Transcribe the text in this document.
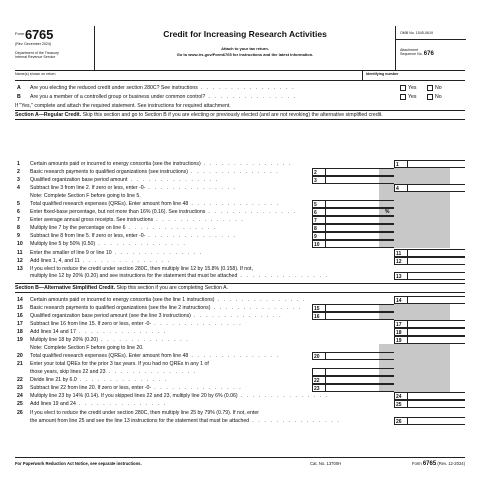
Form 6765
(Rev. December 2024)
Department of the Treasury
Internal Revenue Service
Credit for Increasing Research Activities
Attach to your tax return.
Go to www.irs.gov/Form6765 for instructions and the latest information.
OMB No. 1545-0619
Attachment
Sequence No. 676
Name(s) shown on return	Identifying number
A Are you electing the reduced credit under section 280C? See instructions . . . . . . . . . . . . . . . .	Yes	No
B Are you a member of a controlled group or business under common control? . . . . . . . . . . . . . . .	Yes	No
If "Yes," complete and attach the required statement. See instructions for required attachment.
Section A—Regular Credit. Skip this section and go to Section B if you are electing or previously elected (and are not revoking) the alternative simplified credit.
1 Certain amounts paid or incurred to energy consortia (see the instructions) . . . . . . . . . . . . . . .	1
2 Basic research payments to qualified organizations (see instructions) . . . . . . . . . . . . . . .	2
3 Qualified organization base period amount . . . . . . . . . . . . . . .	3
4 Subtract line 3 from line 2. If zero or less, enter -0- . . . . . . . . . . . . . . .	4
Note: Complete Section F before going to line 5.
5 Total qualified research expenses (QREs). Enter amount from line 48 . . . . . . . . . . . . . . .	5
6 Enter fixed-base percentage, but not more than 16% (0.16). See instructions . . . . . . . . . . . . . . .	6	%
7 Enter average annual gross receipts. See instructions . . . . . . . . . . . . . . .	7
8 Multiply line 7 by the percentage on line 6 . . . . . . . . . . . . . . .	8
9 Subtract line 8 from line 5. If zero or less, enter -0- . . . . . . . . . . . . . . .	9
10 Multiply line 5 by 50% (0.50) . . . . . . . . . . . . . . .	10
11 Enter the smaller of line 9 or line 10 . . . . . . . . . . . . . . .	11
12 Add lines 1, 4, and 11 . . . . . . . . . . . . . . .	12
13 If you elect to reduce the credit under section 280C, then multiply line 12 by 15.8% (0.158). If not,
multiply line 12 by 20% (0.20) and see instructions for the statement that must be attached . . . . . . . . . . . . . . .	13
Section B—Alternative Simplified Credit. Skip this section if you are completing Section A.
14 Certain amounts paid or incurred to energy consortia (see the line 1 instructions) . . . . . . . . . . . . . . .	14
15 Basic research payments to qualified organizations (see the line 2 instructions) . . . . . . . . . . . . . . .	15
16 Qualified organization base period amount (see the line 3 instructions) . . . . . . . . . . . . . . .	16
17 Subtract line 16 from line 15. If zero or less, enter -0- . . . . . . . . . . . . . . .	17
18 Add lines 14 and 17 . . . . . . . . . . . . . . .	18
19 Multiply line 18 by 20% (0.20) . . . . . . . . . . . . . . .	19
Note: Complete Section F before going to line 20.
20 Total qualified research expenses (QREs). Enter amount from line 48 . . . . . . . . . . . . . . .	20
21 Enter your total QREs for the prior 3 tax years. If you had no QREs in any 1 of
those years, skip lines 22 and 23 . . . . . . . . . . . . . . .
22 Divide line 21 by 6.0 . . . . . . . . . . . . . . .	22
23 Subtract line 22 from line 20. If zero or less, enter -0- . . . . . . . . . . . . . . .	23
24 Multiply line 23 by 14% (0.14). If you skipped lines 22 and 23, multiply line 20 by 6% (0.06) . . . . . . . . . . . . . . .	24
25 Add lines 19 and 24 . . . . . . . . . . . . . . .	25
26 If you elect to reduce the credit under section 280C, then multiply line 25 by 79% (0.79). If not, enter
the amount from line 25 and see the line 13 instructions for the statement that must be attached . . . . . . . . . . . . . . .	26
For Paperwork Reduction Act Notice, see separate instructions.	Cat. No. 13700H	Form 6765 (Rev. 12-2024)
